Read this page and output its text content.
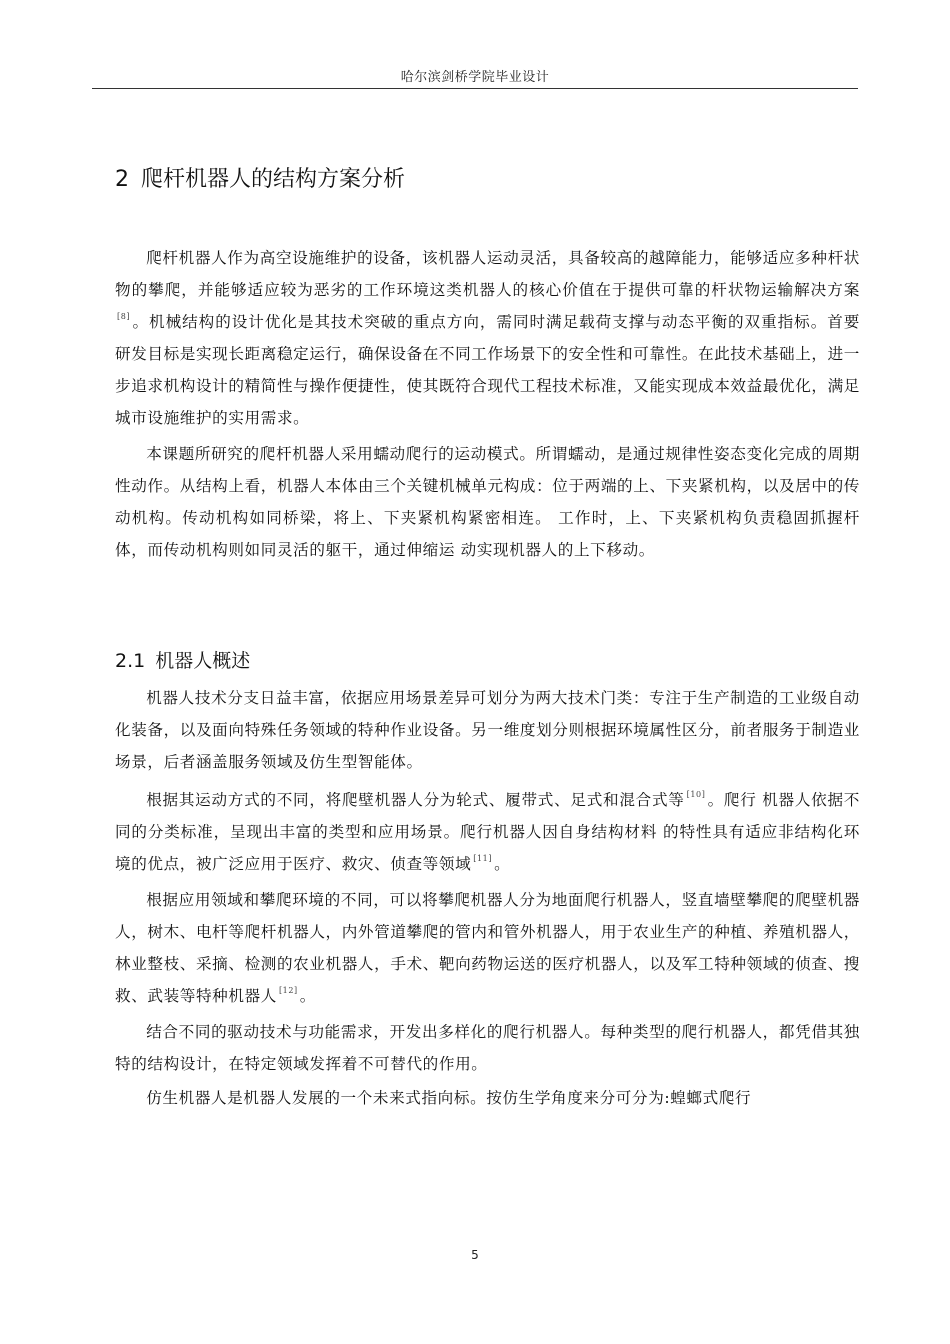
哈尔滨剑桥学院毕业设计
2 爬杆机器人的结构方案分析

爬杆机器人作为高空设施维护的设备，该机器人运动灵活，具备较高的越障能力，能够适应多种杆状物的攀爬，并能够适应较为恶劣的工作环境这类机器人的核心价值在于提供可靠的杆状物运输解决方案[8] 。机械结构的设计优化是其技术突破的重点方向，需同时满足载荷支撑与动态平衡的双重指标。首要研发目标是实现长距离稳定运行，确保设备在不同工作场景下的安全性和可靠性。在此技术基础上，进一步追求机构设计的精简性与操作便捷性，使其既符合现代工程技术标准，又能实现成本效益最优化，满足城市设施维护的实用需求。

本课题所研究的爬杆机器人采用蠕动爬行的运动模式。所谓蠕动，是通过规律性姿态变化完成的周期性动作。从结构上看，机器人本体由三个关键机械单元构成：位于两端的上、下夹紧机构，以及居中的传动机构。传动机构如同桥梁，将上、下夹紧机构紧密相连。 工作时，上、下夹紧机构负责稳固抓握杆体，而传动机构则如同灵活的躯干，通过伸缩运 动实现机器人的上下移动。

2.1 机器人概述

机器人技术分支日益丰富，依据应用场景差异可划分为两大技术门类：专注于生产制造的工业级自动化装备，以及面向特殊任务领域的特种作业设备。另一维度划分则根据环境属性区分，前者服务于制造业场景，后者涵盖服务领域及仿生型智能体。

根据其运动方式的不同，将爬壁机器人分为轮式、履带式、足式和混合式等 [10] 。爬行 机器人依据不同的分类标准，呈现出丰富的类型和应用场景。爬行机器人因自身结构材料 的特性具有适应非结构化环境的优点，被广泛应用于医疗、救灾、侦查等领域 [11] 。

根据应用领域和攀爬环境的不同，可以将攀爬机器人分为地面爬行机器人，竖直墙壁攀爬的爬壁机器人，树木、电杆等爬杆机器人，内外管道攀爬的管内和管外机器人，用于农业生产的种植、养殖机器人，林业整枝、采摘、检测的农业机器人，手术、靶向药物运送的医疗机器人，以及军工特种领域的侦查、搜救、武装等特种机器人 [12] 。

结合不同的驱动技术与功能需求，开发出多样化的爬行机器人。每种类型的爬行机器人，都凭借其独特的结构设计，在特定领域发挥着不可替代的作用。

仿生机器人是机器人发展的一个未来式指向标。按仿生学角度来分可分为:蝗螂式爬行

5
